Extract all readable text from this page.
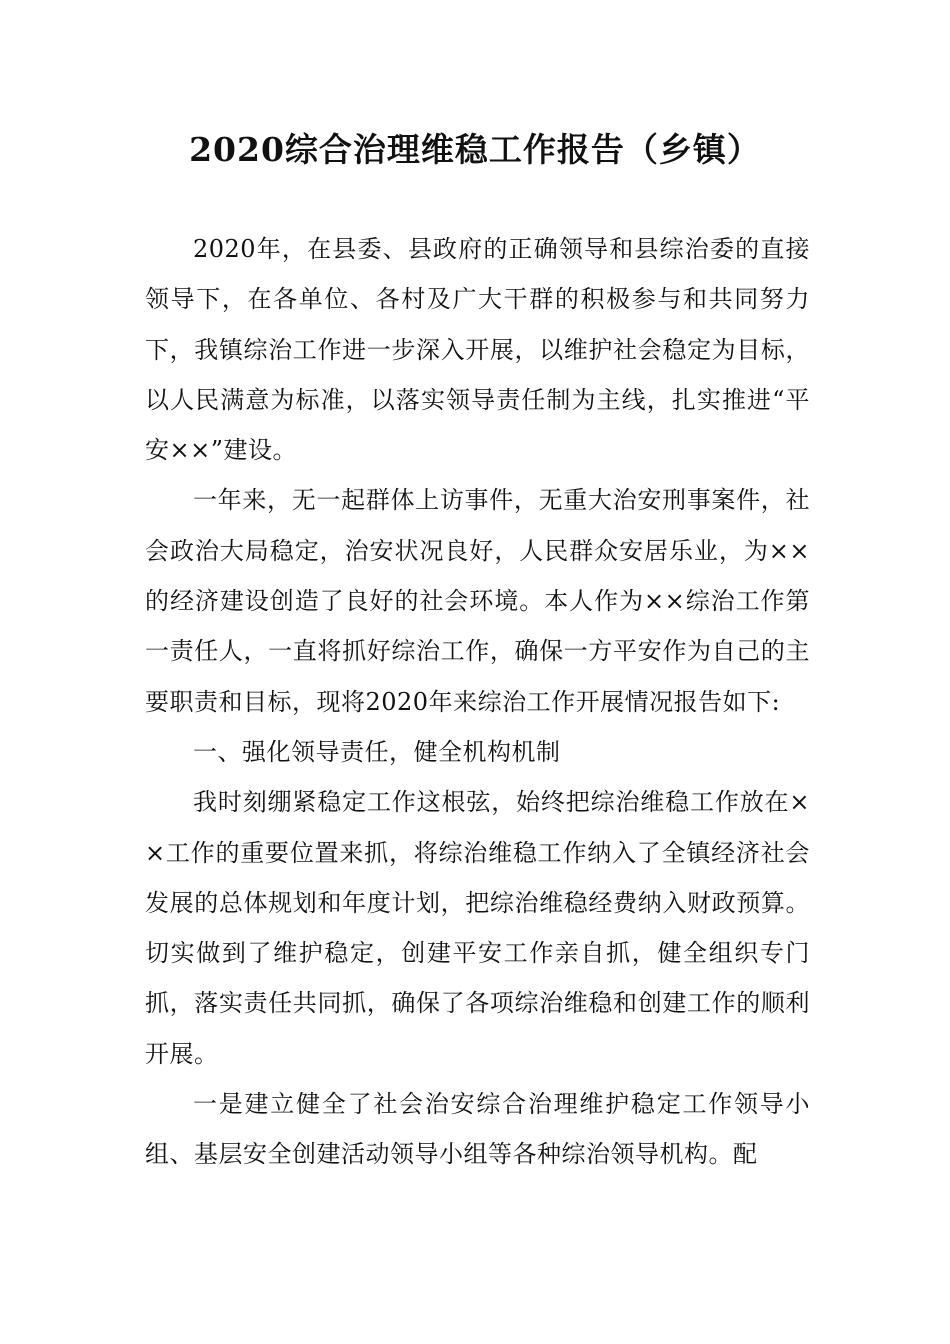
2020综合治理维稳工作报告（乡镇）

2020年，在县委、县政府的正确领导和县综治委的直接领导下，在各单位、各村及广大干群的积极参与和共同努力下，我镇综治工作进一步深入开展，以维护社会稳定为目标，以人民满意为标准，以落实领导责任制为主线，扎实推进“平安××”建设。

一年来，无一起群体上访事件，无重大治安刑事案件，社会政治大局稳定，治安状况良好，人民群众安居乐业，为××的经济建设创造了良好的社会环境。本人作为××综治工作第一责任人，一直将抓好综治工作，确保一方平安作为自己的主要职责和目标，现将2020年来综治工作开展情况报告如下:

一、强化领导责任，健全机构机制

我时刻绷紧稳定工作这根弦，始终把综治维稳工作放在××工作的重要位置来抓，将综治维稳工作纳入了全镇经济社会发展的总体规划和年度计划，把综治维稳经费纳入财政预算。切实做到了维护稳定，创建平安工作亲自抓，健全组织专门抓，落实责任共同抓，确保了各项综治维稳和创建工作的顺利开展。

一是建立健全了社会治安综合治理维护稳定工作领导小组、基层安全创建活动领导小组等各种综治领导机构。配
